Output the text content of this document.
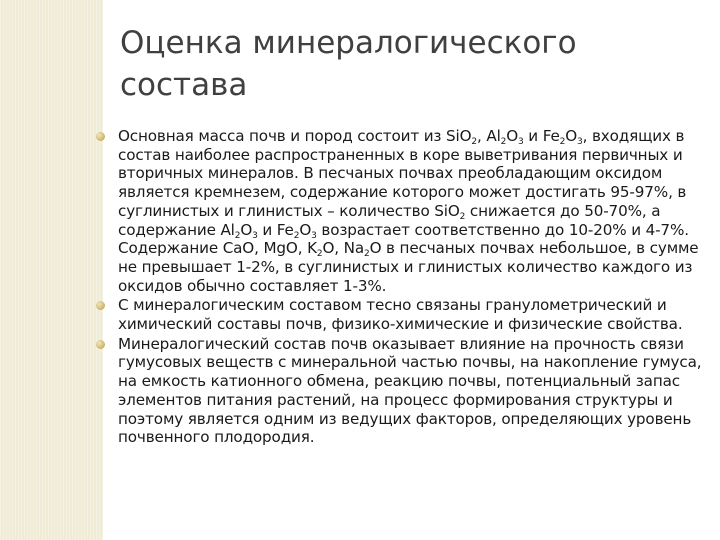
Оценка минералогического состава
Основная масса почв и пород состоит из SiO$_2$, $Al_2O_3$ и $Fe_2O_3$, входящих в состав наиболее распространенных в коре выветривания первичных и вторичных минералов. В песчаных почвах преобладающим оксидом является кремнезем, содержание которого может достигать 95-97%, в суглинистых и глинистых – количество SiO$_2$ снижается до 50-70%, а содержание $Al_2O_3$ и $Fe_2O_3$ возрастает соответственно до 10-20% и 4-7%. Содержание CaO, MgO, $K_2O$, $Na_2O$ в песчаных почвах небольшое, в сумме не превышает 1-2%, в суглинистых и глинистых количество каждого из оксидов обычно составляет 1-3%.
С минералогическим составом тесно связаны гранулометрический и химический составы почв, физико-химические и физические свойства.
Минералогический состав почв оказывает влияние на прочность связи гумусовых веществ с минеральной частью почвы, на накопление гумуса, на емкость катионного обмена, реакцию почвы, потенциальный запас элементов питания растений, на процесс формирования структуры и поэтому является одним из ведущих факторов, определяющих уровень почвенного плодородия.
